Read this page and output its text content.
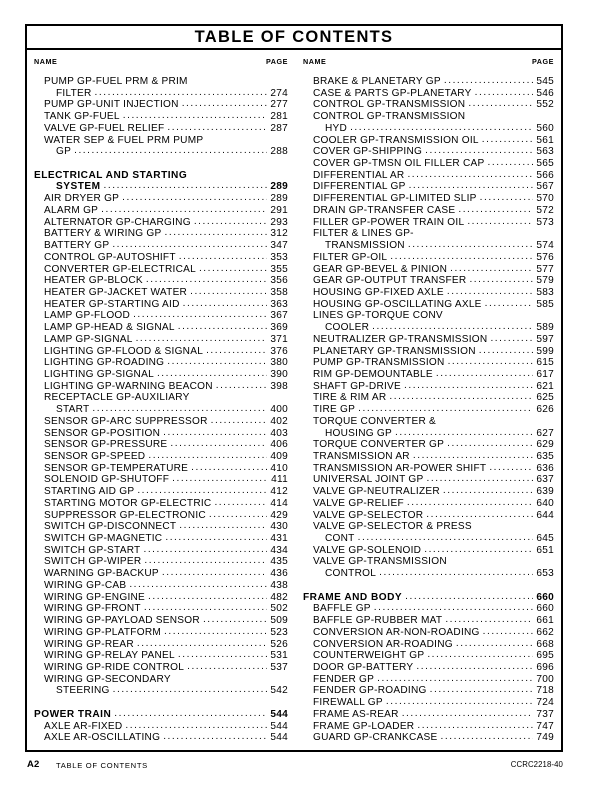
TABLE OF CONTENTS
NAME	PAGE
PUMP GP-FUEL PRM & PRIM
FILTER .....	274
PUMP GP-UNIT INJECTION .....	277
TANK GP-FUEL .....	281
VALVE GP-FUEL RELIEF .....	287
WATER SEP & FUEL PRM PUMP
GP .....	288
ELECTRICAL AND STARTING
SYSTEM .....	289
AIR DRYER GP .....	289
ALARM GP .....	291
ALTERNATOR GP-CHARGING .....	293
BATTERY & WIRING GP .....	312
BATTERY GP .....	347
CONTROL GP-AUTOSHIFT .....	353
CONVERTER GP-ELECTRICAL .....	355
HEATER GP-BLOCK .....	356
HEATER GP-JACKET WATER .....	358
HEATER GP-STARTING AID .....	363
LAMP GP-FLOOD .....	367
LAMP GP-HEAD & SIGNAL .....	369
LAMP GP-SIGNAL .....	371
LIGHTING GP-FLOOD & SIGNAL .....	376
LIGHTING GP-ROADING .....	380
LIGHTING GP-SIGNAL .....	390
LIGHTING GP-WARNING BEACON .....	398
RECEPTACLE GP-AUXILIARY
START .....	400
SENSOR GP-ARC SUPPRESSOR .....	402
SENSOR GP-POSITION .....	403
SENSOR GP-PRESSURE .....	406
SENSOR GP-SPEED .....	409
SENSOR GP-TEMPERATURE .....	410
SOLENOID GP-SHUTOFF .....	411
STARTING AID GP .....	412
STARTING MOTOR GP-ELECTRIC .....	414
SUPPRESSOR GP-ELECTRONIC .....	429
SWITCH GP-DISCONNECT .....	430
SWITCH GP-MAGNETIC .....	431
SWITCH GP-START .....	434
SWITCH GP-WIPER .....	435
WARNING GP-BACKUP .....	436
WIRING GP-CAB .....	438
WIRING GP-ENGINE .....	482
WIRING GP-FRONT .....	502
WIRING GP-PAYLOAD SENSOR .....	509
WIRING GP-PLATFORM .....	523
WIRING GP-REAR .....	526
WIRING GP-RELAY PANEL .....	531
WIRING GP-RIDE CONTROL .....	537
WIRING GP-SECONDARY
STEERING .....	542
POWER TRAIN .....	544
AXLE AR-FIXED .....	544
AXLE AR-OSCILLATING .....	544
NAME	PAGE
BRAKE & PLANETARY GP .....	545
CASE & PARTS GP-PLANETARY .....	546
CONTROL GP-TRANSMISSION .....	552
CONTROL GP-TRANSMISSION
HYD .....	560
COOLER GP-TRANSMISSION OIL .....	561
COVER GP-SHIPPING .....	563
COVER GP-TMSN OIL FILLER CAP .....	565
DIFFERENTIAL AR .....	566
DIFFERENTIAL GP .....	567
DIFFERENTIAL GP-LIMITED SLIP .....	570
DRAIN GP-TRANSFER CASE .....	572
FILLER GP-POWER TRAIN OIL .....	573
FILTER & LINES GP-
TRANSMISSION .....	574
FILTER GP-OIL .....	576
GEAR GP-BEVEL & PINION .....	577
GEAR GP-OUTPUT TRANSFER .....	579
HOUSING GP-FIXED AXLE .....	583
HOUSING GP-OSCILLATING AXLE .....	585
LINES GP-TORQUE CONV
COOLER .....	589
NEUTRALIZER GP-TRANSMISSION .....	597
PLANETARY GP-TRANSMISSION .....	599
PUMP GP-TRANSMISSION .....	615
RIM GP-DEMOUNTABLE .....	617
SHAFT GP-DRIVE .....	621
TIRE & RIM AR .....	625
TIRE GP .....	626
TORQUE CONVERTER &
HOUSING GP .....	627
TORQUE CONVERTER GP .....	629
TRANSMISSION AR .....	635
TRANSMISSION AR-POWER SHIFT .....	636
UNIVERSAL JOINT GP .....	637
VALVE GP-NEUTRALIZER .....	639
VALVE GP-RELIEF .....	640
VALVE GP-SELECTOR .....	644
VALVE GP-SELECTOR & PRESS
CONT .....	645
VALVE GP-SOLENOID .....	651
VALVE GP-TRANSMISSION
CONTROL .....	653
FRAME AND BODY .....	660
BAFFLE GP .....	660
BAFFLE GP-RUBBER MAT .....	661
CONVERSION AR-NON-ROADING .....	662
CONVERSION AR-ROADING .....	668
COUNTERWEIGHT GP .....	695
DOOR GP-BATTERY .....	696
FENDER GP .....	700
FENDER GP-ROADING .....	718
FIREWALL GP .....	724
FRAME AS-REAR .....	737
FRAME GP-LOADER .....	747
GUARD GP-CRANKCASE .....	749
A2 TABLE OF CONTENTS	CCRC2218-40
